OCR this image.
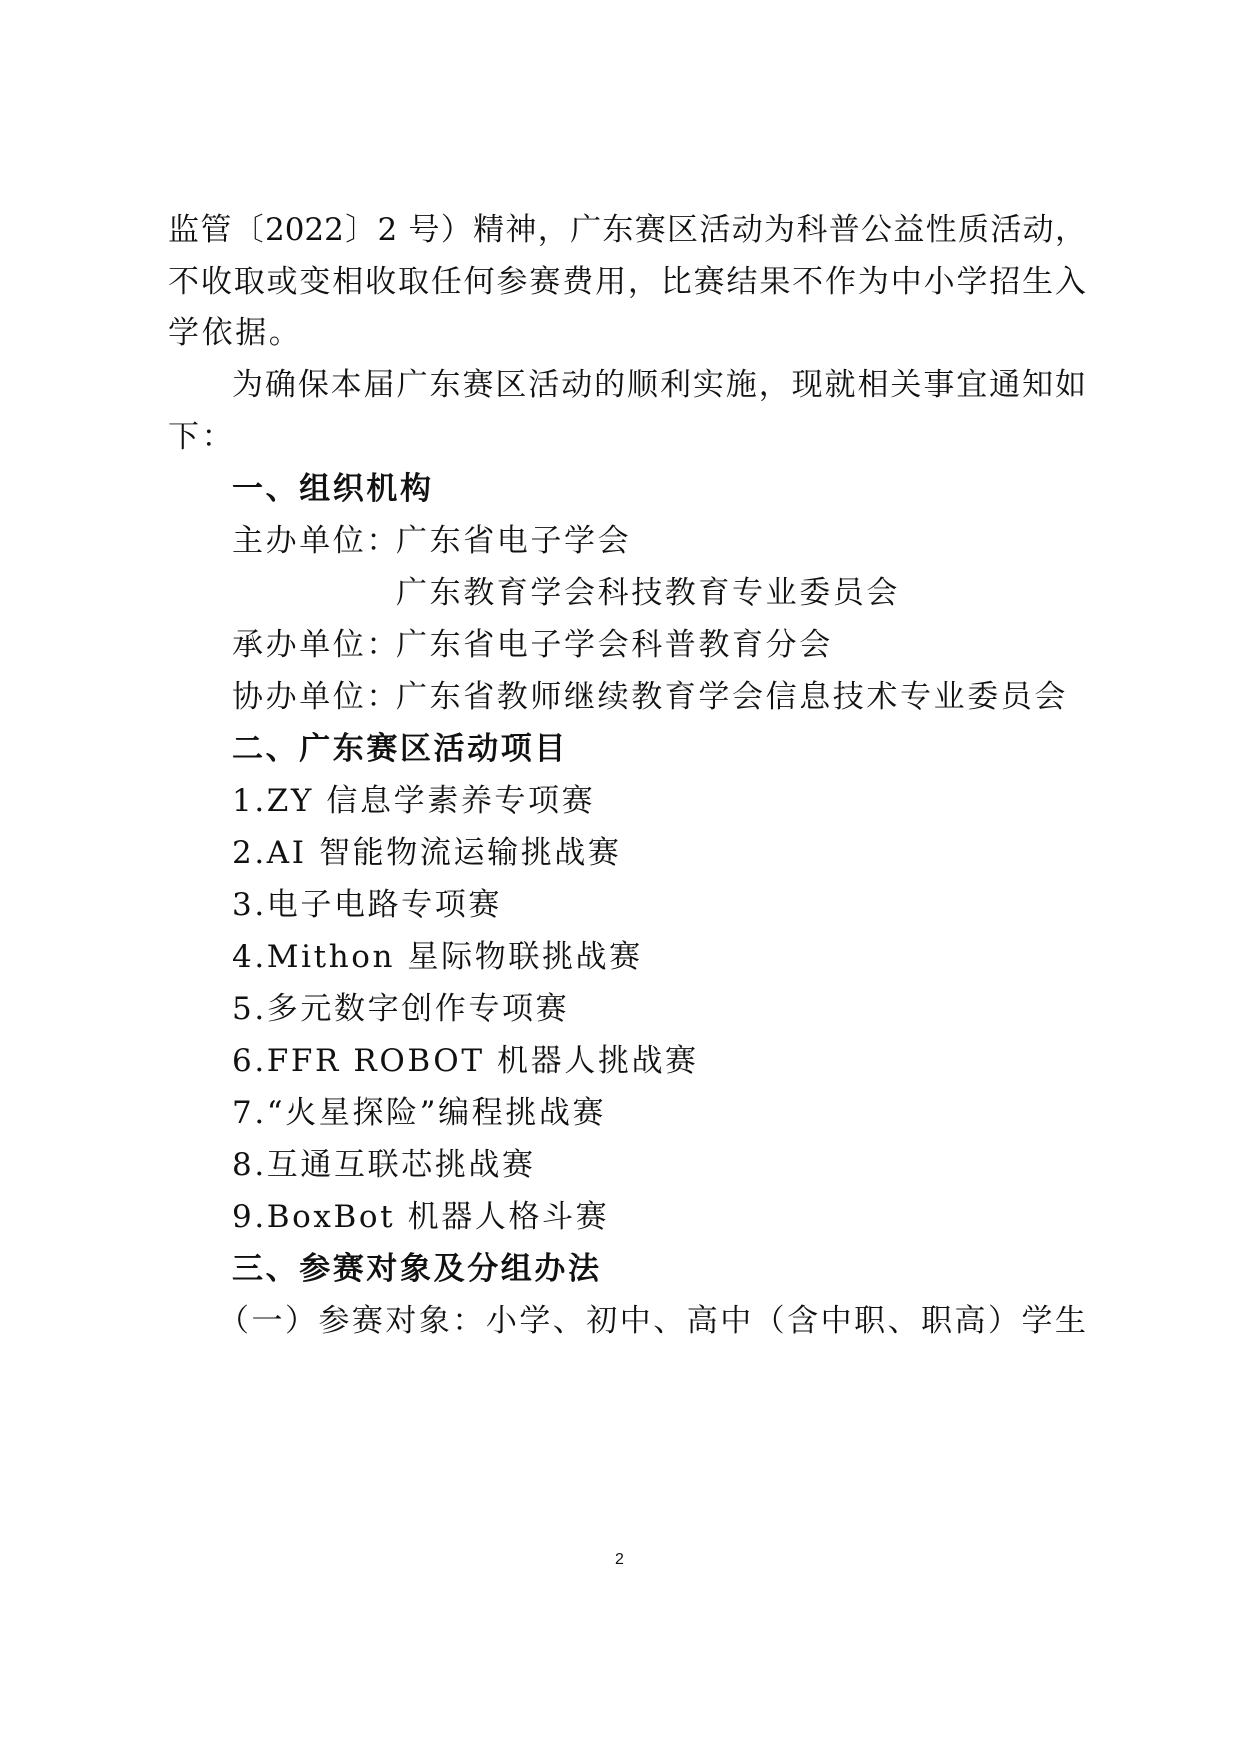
监管〔2022〕2 号）精神，广东赛区活动为科普公益性质活动，
不收取或变相收取任何参赛费用，比赛结果不作为中小学招生入
学依据。
为确保本届广东赛区活动的顺利实施，现就相关事宜通知如
下：
一、组织机构
主办单位：
广东省电子学会
广东教育学会科技教育专业委员会
承办单位：
广东省电子学会科普教育分会
协办单位：
广东省教师继续教育学会信息技术专业委员会
二、广东赛区活动项目
1.ZY 信息学素养专项赛
2.AI 智能物流运输挑战赛
3.电子电路专项赛
4.Mithon 星际物联挑战赛
5.多元数字创作专项赛
6.FFR ROBOT 机器人挑战赛
7.“火星探险”编程挑战赛
8.互通互联芯挑战赛
9.BoxBot 机器人格斗赛
三、参赛对象及分组办法
（一）参赛对象：小学、初中、高中（含中职、职高）学生
2
